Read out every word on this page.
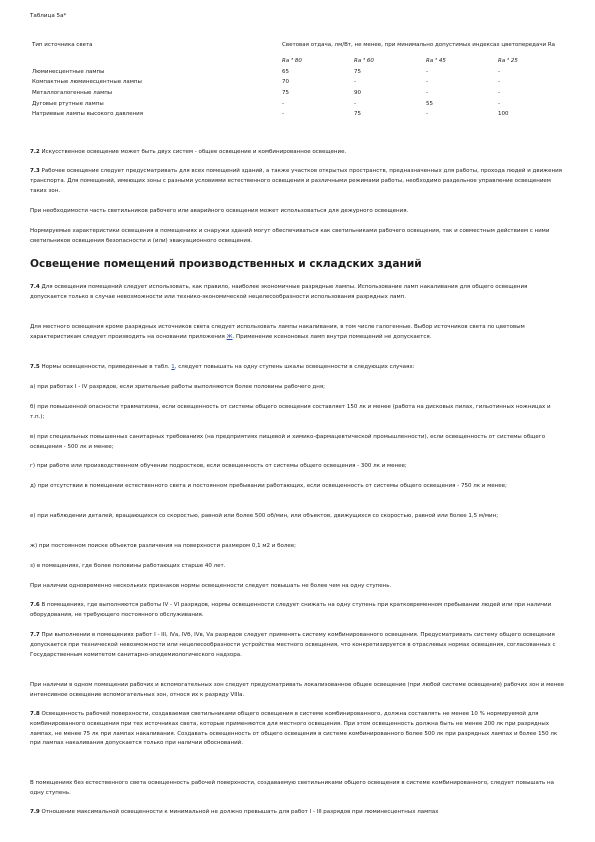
Таблица 5а*
Тип источника света	Световая отдача, лм/Вт, не менее, при минимально допустимых индексах цветопередачи Ra			
	Ra ³ 80	Ra ³ 60	Ra ³ 45	Ra ³ 25
Люминесцентные лампы	65	75	-	-
Компактные люминесцентные лампы	70	-	-	-
Металлогалогенные лампы	75	90	-	-
Дуговые ртутные лампы	-	-	55	-
Натриевые лампы высокого давления	-	75	-	100
7.2 Искусственное освещение может быть двух систем - общее освещение и комбинированное освещение.
7.3 Рабочее освещение следует предусматривать для всех помещений зданий, а также участков открытых пространств, предназначенных для работы, прохода людей и движения транспорта. Для помещений, имеющих зоны с разными условиями естественного освещения и различными режимами работы, необходимо раздельное управление освещением таких зон.
При необходимости часть светильников рабочего или аварийного освещения может использоваться для дежурного освещения.
Нормируемые характеристики освещения в помещениях и снаружи зданий могут обеспечиваться как светильниками рабочего освещения, так и совместным действием с ними светильников освещения безопасности и (или) эвакуационного освещения.
Освещение помещений производственных и складских зданий
7.4 Для освещения помещений следует использовать, как правило, наиболее экономичные разрядные лампы. Использование ламп накаливания для общего освещения допускается только в случае невозможности или технико-экономической нецелесообразности использования разрядных ламп.
Для местного освещения кроме разрядных источников света следует использовать лампы накаливания, в том числе галогенные. Выбор источников света по цветовым характеристикам следует производить на основании приложения Ж. Применение ксеноновых ламп внутри помещений не допускается.
7.5 Нормы освещенности, приведенные в табл. 1, следует повышать на одну ступень шкалы освещенности в следующих случаях:
а) при работах I - IV разрядов, если зрительные работы выполняются более половины рабочего дня;
б) при повышенной опасности травматизма, если освещенность от системы общего освещения составляет 150 лк и менее (работа на дисковых пилах, гильотинных ножницах и т.п.);
в) при специальных повышенных санитарных требованиях (на предприятиях пищевой и химико-фармацевтической промышленности), если освещенность от системы общего освещения - 500 лк и менее;
г) при работе или производственном обучении подростков, если освещенность от системы общего освещения - 300 лк и менее;
д) при отсутствии в помещении естественного света и постоянном пребывании работающих, если освещенность от системы общего освещения - 750 лк и менее;
е) при наблюдении деталей, вращающихся со скоростью, равной или более 500 об/мин, или объектов, движущихся со скоростью, равной или более 1,5 м/мин;
ж) при постоянном поиске объектов различения на поверхности размером 0,1 м2 и более;
з) в помещениях, где более половины работающих старше 40 лет.
При наличии одновременно нескольких признаков нормы освещенности следует повышать не более чем на одну ступень.
7.6 В помещениях, где выполняются работы IV - VI разрядов, нормы освещенности следует снижать на одну ступень при кратковременном пребывании людей или при наличии оборудования, не требующего постоянного обслуживания.
7.7 При выполнении в помещениях работ I - III, IVа, IVб, IVв, Vа разрядов следует применять систему комбинированного освещения. Предусматривать систему общего освещения допускается при технической невозможности или нецелесообразности устройства местного освещения, что конкретизируется в отраслевых нормах освещения, согласованных с Государственным комитетом санитарно-эпидемиологического надзора.
При наличии в одном помещении рабочих и вспомогательных зон следует предусматривать локализованное общее освещение (при любой системе освещения) рабочих зон и менее интенсивное освещение вспомогательных зон, относя их к разряду VIIIа.
7.8 Освещенность рабочей поверхности, создаваемая светильниками общего освещения в системе комбинированного, должна составлять не менее 10 % нормируемой для комбинированного освещения при тех источниках света, которые применяются для местного освещения. При этом освещенность должна быть не менее 200 лк при разрядных лампах, не менее 75 лк при лампах накаливания. Создавать освещенность от общего освещения в системе комбинированного более 500 лк при разрядных лампах и более 150 лк при лампах накаливания допускается только при наличии обоснований.
В помещениях без естественного света освещенность рабочей поверхности, создаваемую светильниками общего освещения в системе комбинированного, следует повышать на одну ступень.
7.9 Отношение максимальной освещенности к минимальной не должно превышать для работ I - III разрядов при люминесцентных лампах
